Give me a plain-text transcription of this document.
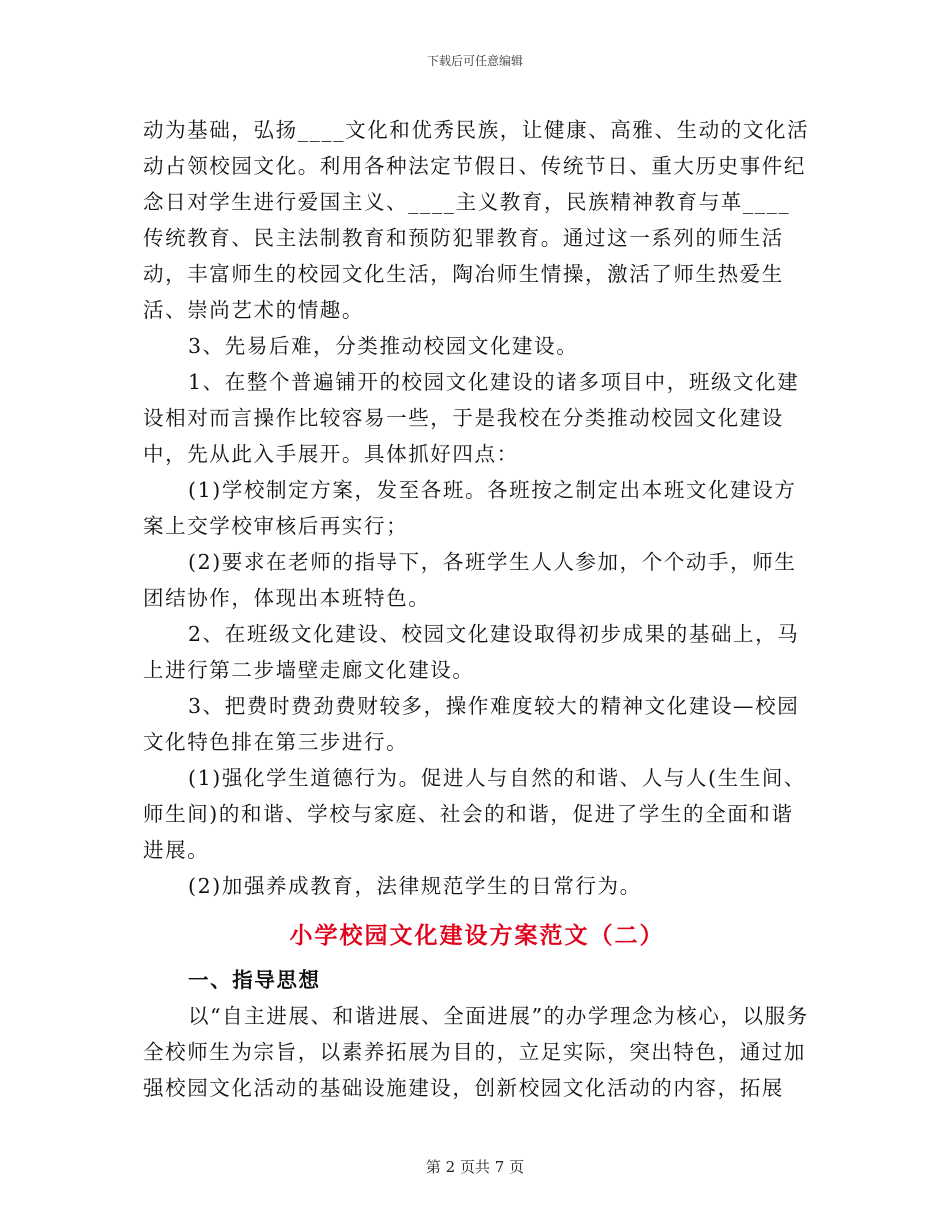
下载后可任意编辑

动为基础，弘扬____文化和优秀民族，让健康、高雅、生动的文化活动占领校园文化。利用各种法定节假日、传统节日、重大历史事件纪念日对学生进行爱国主义、____主义教育，民族精神教育与革____传统教育、民主法制教育和预防犯罪教育。通过这一系列的师生活动，丰富师生的校园文化生活，陶冶师生情操，激活了师生热爱生活、崇尚艺术的情趣。

3、先易后难，分类推动校园文化建设。

1、在整个普遍铺开的校园文化建设的诸多项目中，班级文化建设相对而言操作比较容易一些，于是我校在分类推动校园文化建设中，先从此入手展开。具体抓好四点：

(1)学校制定方案，发至各班。各班按之制定出本班文化建设方案上交学校审核后再实行；

(2)要求在老师的指导下，各班学生人人参加，个个动手，师生团结协作，体现出本班特色。

2、在班级文化建设、校园文化建设取得初步成果的基础上，马上进行第二步墙壁走廊文化建设。

3、把费时费劲费财较多，操作难度较大的精神文化建设—校园文化特色排在第三步进行。

(1)强化学生道德行为。促进人与自然的和谐、人与人(生生间、师生间)的和谐、学校与家庭、社会的和谐，促进了学生的全面和谐进展。

(2)加强养成教育，法律规范学生的日常行为。

小学校园文化建设方案范文（二）

一、指导思想

以“自主进展、和谐进展、全面进展”的办学理念为核心，以服务全校师生为宗旨，以素养拓展为目的，立足实际，突出特色，通过加强校园文化活动的基础设施建设，创新校园文化活动的内容，拓展

第 2 页共 7 页
